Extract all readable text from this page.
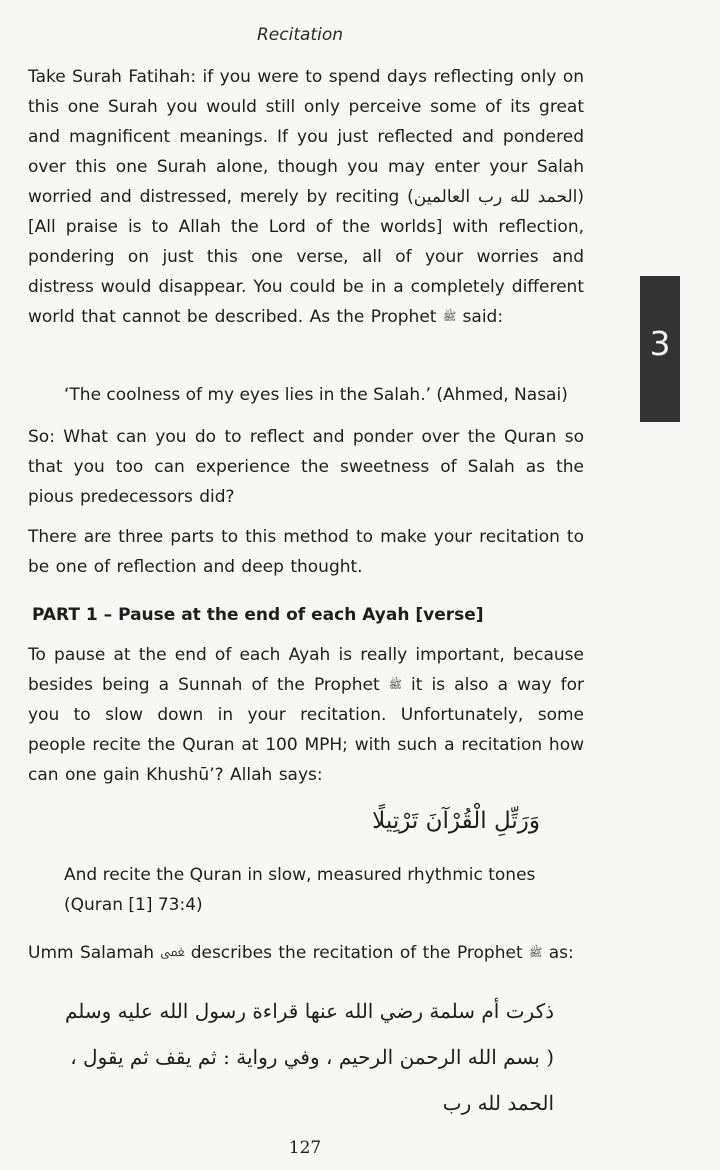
Recitation
3

Take Surah Fatihah: if you were to spend days reflecting only on this one Surah you would still only perceive some of its great and magnificent meanings. If you just reflected and pondered over this one Surah alone, though you may enter your Salah worried and distressed, merely by reciting (الحمد لله رب العالمين) [All praise is to Allah the Lord of the worlds] with reflection, pondering on just this one verse, all of your worries and distress would disappear. You could be in a completely different world that cannot be described. As the Prophet ﷺ said:

‘The coolness of my eyes lies in the Salah.’ (Ahmed, Nasai)

So: What can you do to reflect and ponder over the Quran so that you too can experience the sweetness of Salah as the pious predecessors did?

There are three parts to this method to make your recitation to be one of reflection and deep thought.

PART 1 – Pause at the end of each Ayah [verse]

To pause at the end of each Ayah is really important, because besides being a Sunnah of the Prophet ﷺ it is also a way for you to slow down in your recitation. Unfortunately, some people recite the Quran at 100 MPH; with such a recitation how can one gain Khushū’? Allah says:

وَرَتِّلِ الْقُرْآنَ تَرْتِيلًا
And recite the Quran in slow, measured rhythmic tones (Quran [1] 73:4)

Umm Salamah ﵻ describes the recitation of the Prophet ﷺ as:

ذكرت أم سلمة رضي الله عنها قراءة رسول الله عليه وسلم ( بسم الله الرحمن الرحيم ، وفي رواية : ثم يقف ثم يقول ، الحمد لله رب
127
